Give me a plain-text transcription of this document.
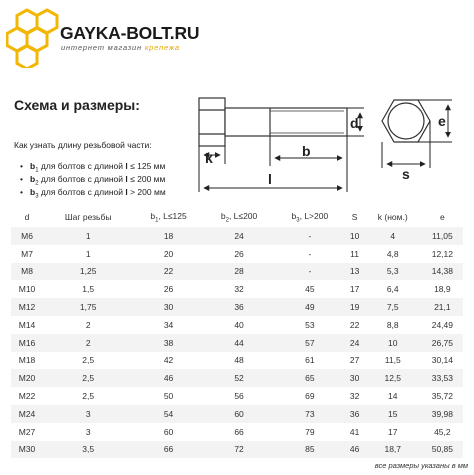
GAYKA-BOLT.RU
интернет магазин крепежа
Схема и размеры:
Как узнать длину резьбовой части:
• $b_1$ для болтов с длиной l ≤ 125 мм
• $b_2$ для болтов с длиной l ≤ 200 мм
• $b_3$ для болтов с длиной l > 200 мм
d
k	b
l
e
s
d	Шаг резьбы	$b_1$, L≤125	$b_2$, L≤200	$b_3$, L>200	S	k (ном.)	e
M6	1	18	24	-	10	4	11,05
M7	1	20	26	-	11	4,8	12,12
M8	1,25	22	28	-	13	5,3	14,38
M10	1,5	26	32	45	17	6,4	18,9
M12	1,75	30	36	49	19	7,5	21,1
M14	2	34	40	53	22	8,8	24,49
M16	2	38	44	57	24	10	26,75
M18	2,5	42	48	61	27	11,5	30,14
M20	2,5	46	52	65	30	12,5	33,53
M22	2,5	50	56	69	32	14	35,72
M24	3	54	60	73	36	15	39,98
M27	3	60	66	79	41	17	45,2
M30	3,5	66	72	85	46	18,7	50,85
все размеры указаны в мм
